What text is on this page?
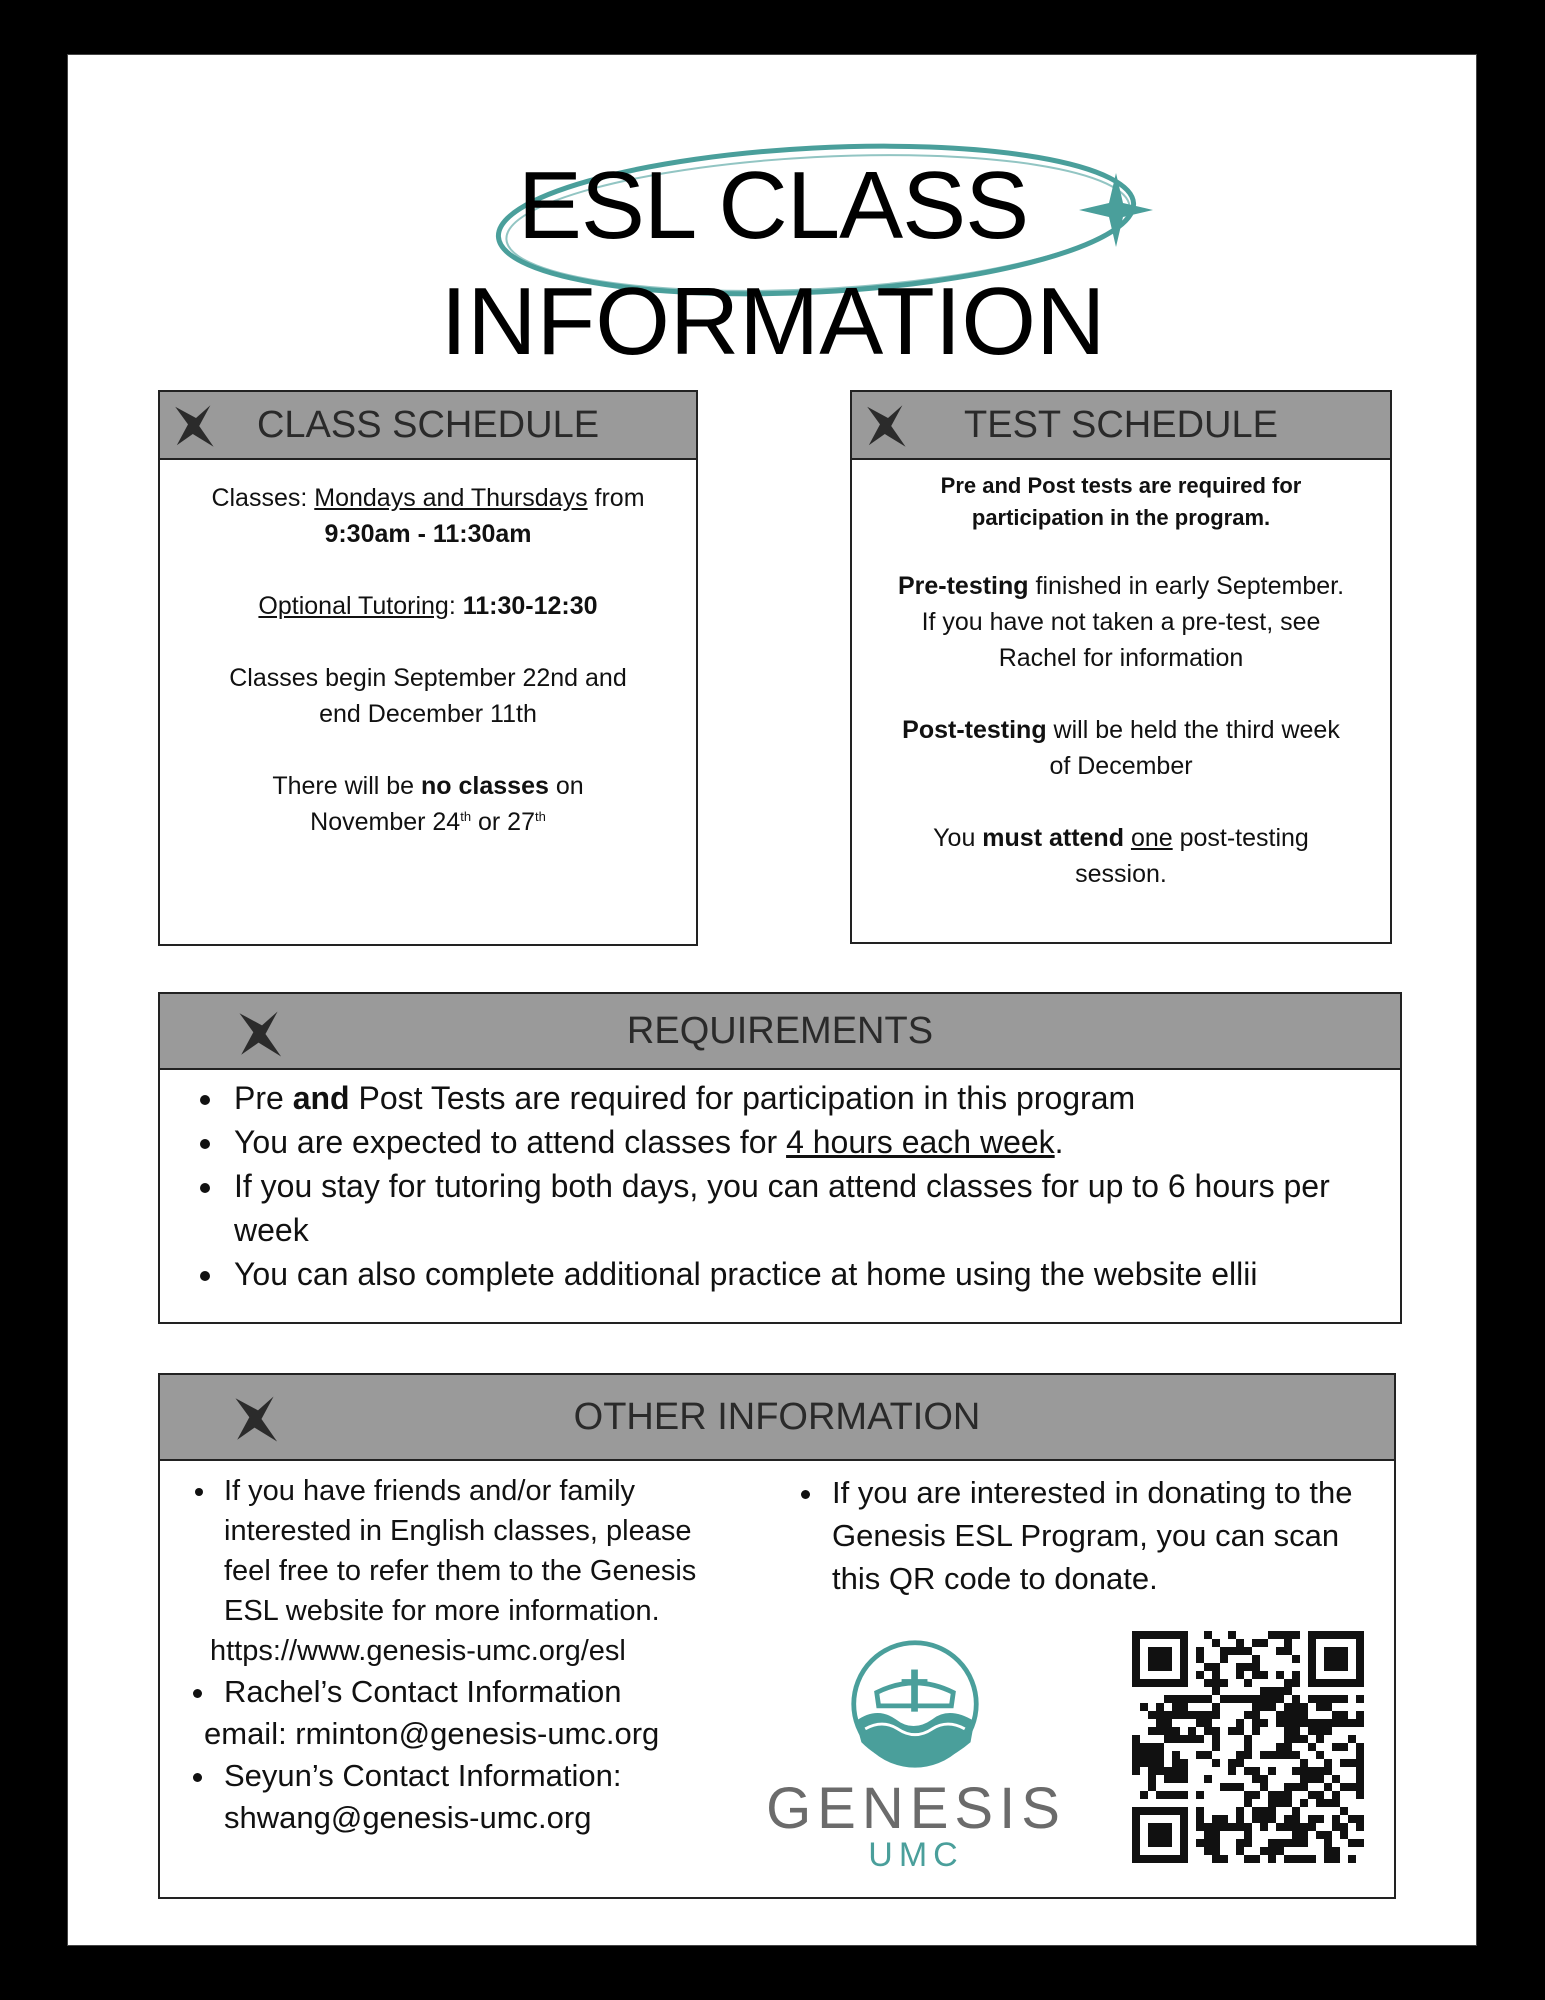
ESL CLASS
INFORMATION
CLASS SCHEDULE

Classes: Mondays and Thursdays from

9:30am - 11:30am

Optional Tutoring: 11:30-12:30

Classes begin September 22nd and

end December 11th

There will be no classes on

November 24th or 27th

TEST SCHEDULE

Pre and Post tests are required for

participation in the program.

Pre-testing finished in early September.

If you have not taken a pre-test, see

Rachel for information

Post-testing will be held the third week

of December

You must attend one post-testing

session.

REQUIREMENTS
• Pre and Post Tests are required for participation in this program
• You are expected to attend classes for 4 hours each week.
• If you stay for tutoring both days, you can attend classes for up to 6 hours per week
• You can also complete additional practice at home using the website ellii
OTHER INFORMATION
• If you have friends and/or family interested in English classes, please feel free to refer them to the Genesis ESL website for more information.
https://www.genesis-umc.org/esl
• Rachel’s Contact Information
email: rminton@genesis-umc.org
• Seyun’s Contact Information:
shwang@genesis-umc.org
• If you are interested in donating to the Genesis ESL Program, you can scan this QR code to donate.
GENESIS
UMC
